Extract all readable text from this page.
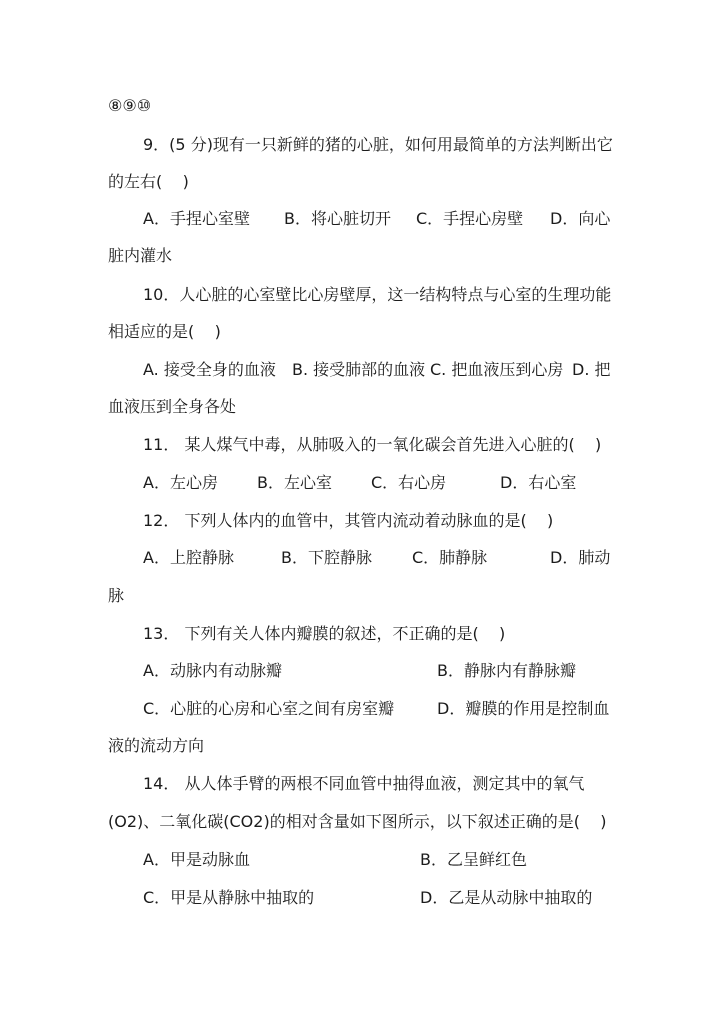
⑧⑨⑩
9．(5 分)现有一只新鲜的猪的心脏，如何用最简单的方法判断出它
的左右(    )
A．手捏心室壁 B．将心脏切开 C．手捏心房壁 D．向心
脏内灌水
10．人心脏的心室壁比心房壁厚，这一结构特点与心室的生理功能
相适应的是(    )
A. 接受全身的血液 B. 接受肺部的血液 C. 把血液压到心房 D. 把
血液压到全身各处
11． 某人煤气中毒，从肺吸入的一氧化碳会首先进入心脏的(    )
A．左心房 B．左心室 C．右心房	D．右心室
12． 下列人体内的血管中，其管内流动着动脉血的是(    )
A．上腔静脉	B．下腔静脉	C．肺静脉	D．肺动
脉
13． 下列有关人体内瓣膜的叙述，不正确的是(    )
A．动脉内有动脉瓣	B．静脉内有静脉瓣
C．心脏的心房和心室之间有房室瓣	D．瓣膜的作用是控制血
液的流动方向
14． 从人体手臂的两根不同血管中抽得血液，测定其中的氧气
(O2)、二氧化碳(CO2)的相对含量如下图所示，以下叙述正确的是(    )
A．甲是动脉血	B．乙呈鲜红色
C．甲是从静脉中抽取的	D．乙是从动脉中抽取的
